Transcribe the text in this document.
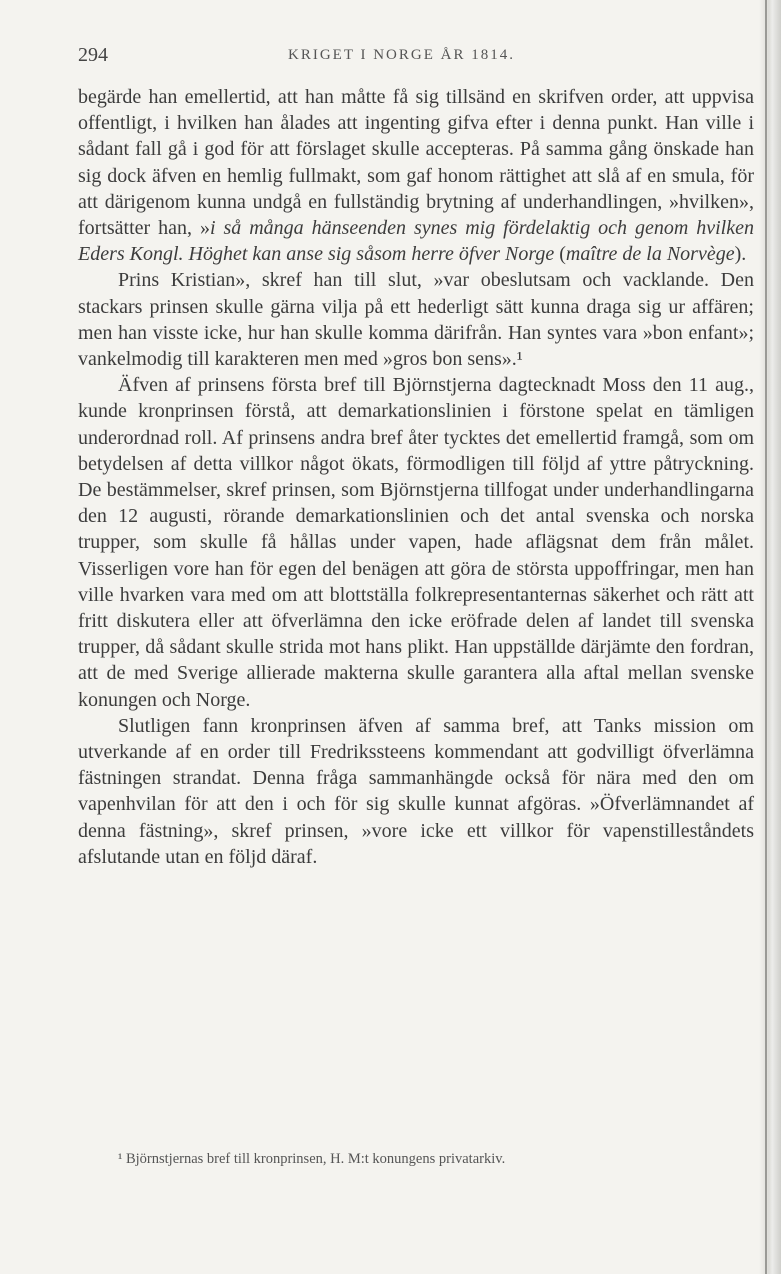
294	KRIGET I NORGE ÅR 1814.

begärde han emellertid, att han måtte få sig tillsänd en skrifven order, att uppvisa offentligt, i hvilken han ålades att ingenting gifva efter i denna punkt. Han ville i sådant fall gå i god för att förslaget skulle accepteras. På samma gång önskade han sig dock äfven en hemlig fullmakt, som gaf honom rättighet att slå af en smula, för att därigenom kunna undgå en fullständig brytning af underhandlingen, »hvilken», fortsätter han, »i så många hänseenden synes mig fördelaktig och genom hvilken Eders Kongl. Höghet kan anse sig såsom herre öfver Norge (maître de la Norvège).

Prins Kristian», skref han till slut, »var obeslutsam och vacklande. Den stackars prinsen skulle gärna vilja på ett hederligt sätt kunna draga sig ur affären; men han visste icke, hur han skulle komma därifrån. Han syntes vara »bon enfant»; vankelmodig till karakteren men med »gros bon sens».¹

Äfven af prinsens första bref till Björnstjerna dagtecknadt Moss den 11 aug., kunde kronprinsen förstå, att demarkationslinien i förstone spelat en tämligen underordnad roll. Af prinsens andra bref åter tycktes det emellertid framgå, som om betydelsen af detta villkor något ökats, förmodligen till följd af yttre påtryckning. De bestämmelser, skref prinsen, som Björnstjerna tillfogat under underhandlingarna den 12 augusti, rörande demarkationslinien och det antal svenska och norska trupper, som skulle få hållas under vapen, hade aflägsnat dem från målet. Visserligen vore han för egen del benägen att göra de största uppoffringar, men han ville hvarken vara med om att blottställa folkrepresentanternas säkerhet och rätt att fritt diskutera eller att öfverlämna den icke eröfrade delen af landet till svenska trupper, då sådant skulle strida mot hans plikt. Han uppställde därjämte den fordran, att de med Sverige allierade makterna skulle garantera alla aftal mellan svenske konungen och Norge.

Slutligen fann kronprinsen äfven af samma bref, att Tanks mission om utverkande af en order till Fredrikssteens kommendant att godvilligt öfverlämna fästningen strandat. Denna fråga sammanhängde också för nära med den om vapenhvilan för att den i och för sig skulle kunnat afgöras. »Öfverlämnandet af denna fästning», skref prinsen, »vore icke ett villkor för vapenstilleståndets afslutande utan en följd däraf.

¹ Björnstjernas bref till kronprinsen, H. M:t konungens privatarkiv.
